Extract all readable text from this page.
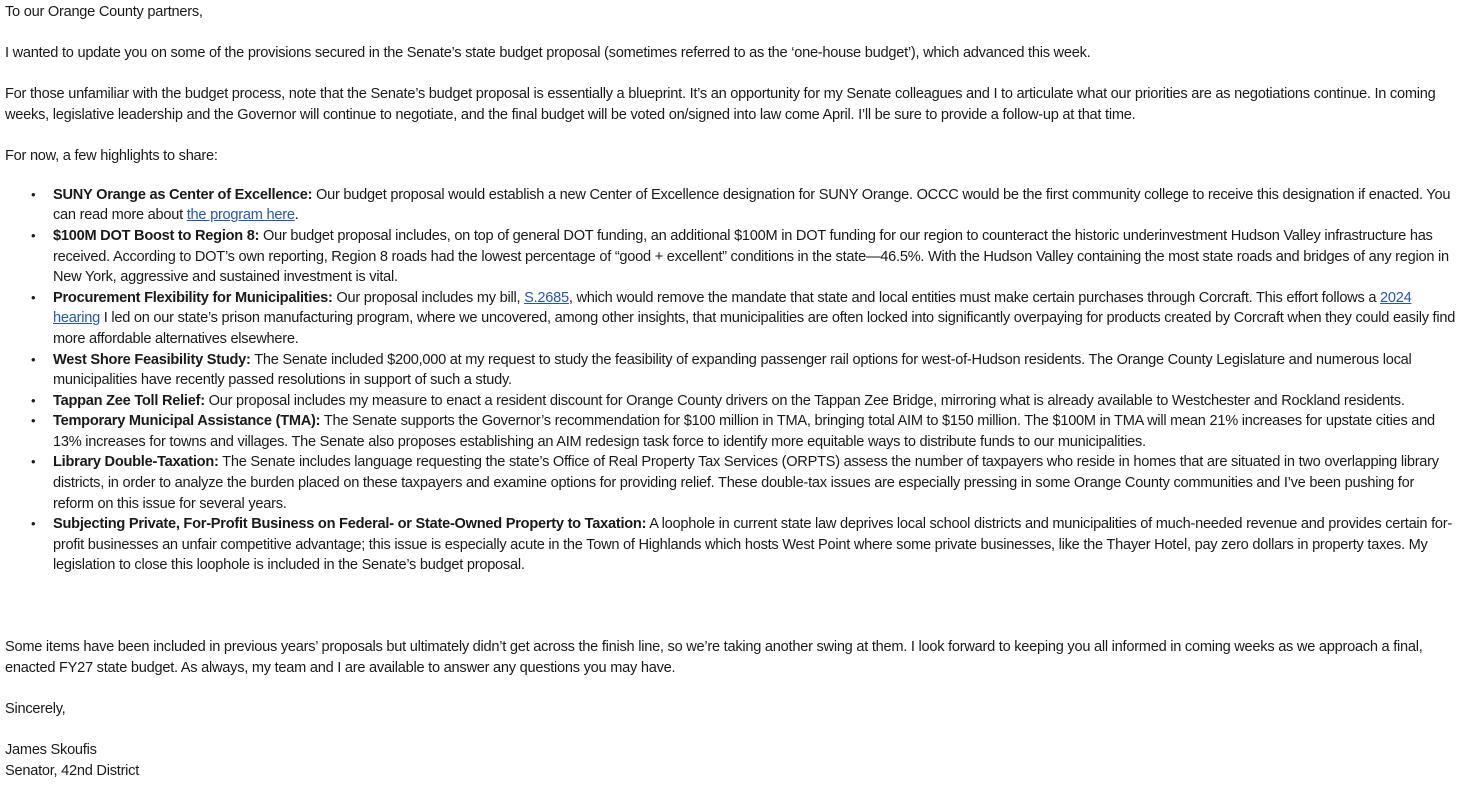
To our Orange County partners,

I wanted to update you on some of the provisions secured in the Senate’s state budget proposal (sometimes referred to as the ‘one-house budget’), which advanced this week.

For those unfamiliar with the budget process, note that the Senate’s budget proposal is essentially a blueprint. It’s an opportunity for my Senate colleagues and I to articulate what our priorities are as negotiations continue. In coming weeks, legislative leadership and the Governor will continue to negotiate, and the final budget will be voted on/signed into law come April. I’ll be sure to provide a follow-up at that time.

For now, a few highlights to share:

• SUNY Orange as Center of Excellence: Our budget proposal would establish a new Center of Excellence designation for SUNY Orange. OCCC would be the first community college to receive this designation if enacted. You can read more about the program here.
• $100M DOT Boost to Region 8: Our budget proposal includes, on top of general DOT funding, an additional $100M in DOT funding for our region to counteract the historic underinvestment Hudson Valley infrastructure has received. According to DOT’s own reporting, Region 8 roads had the lowest percentage of “good + excellent” conditions in the state—46.5%. With the Hudson Valley containing the most state roads and bridges of any region in New York, aggressive and sustained investment is vital.
• Procurement Flexibility for Municipalities: Our proposal includes my bill, S.2685, which would remove the mandate that state and local entities must make certain purchases through Corcraft. This effort follows a 2024 hearing I led on our state’s prison manufacturing program, where we uncovered, among other insights, that municipalities are often locked into significantly overpaying for products created by Corcraft when they could easily find more affordable alternatives elsewhere.
• West Shore Feasibility Study: The Senate included $200,000 at my request to study the feasibility of expanding passenger rail options for west-of-Hudson residents. The Orange County Legislature and numerous local municipalities have recently passed resolutions in support of such a study.
• Tappan Zee Toll Relief: Our proposal includes my measure to enact a resident discount for Orange County drivers on the Tappan Zee Bridge, mirroring what is already available to Westchester and Rockland residents.
• Temporary Municipal Assistance (TMA): The Senate supports the Governor’s recommendation for $100 million in TMA, bringing total AIM to $150 million. The $100M in TMA will mean 21% increases for upstate cities and 13% increases for towns and villages. The Senate also proposes establishing an AIM redesign task force to identify more equitable ways to distribute funds to our municipalities.
• Library Double-Taxation: The Senate includes language requesting the state’s Office of Real Property Tax Services (ORPTS) assess the number of taxpayers who reside in homes that are situated in two overlapping library districts, in order to analyze the burden placed on these taxpayers and examine options for providing relief. These double-tax issues are especially pressing in some Orange County communities and I’ve been pushing for reform on this issue for several years.
• Subjecting Private, For-Profit Business on Federal- or State-Owned Property to Taxation: A loophole in current state law deprives local school districts and municipalities of much-needed revenue and provides certain for-profit businesses an unfair competitive advantage; this issue is especially acute in the Town of Highlands which hosts West Point where some private businesses, like the Thayer Hotel, pay zero dollars in property taxes. My legislation to close this loophole is included in the Senate’s budget proposal.

Some items have been included in previous years’ proposals but ultimately didn’t get across the finish line, so we’re taking another swing at them. I look forward to keeping you all informed in coming weeks as we approach a final, enacted FY27 state budget. As always, my team and I are available to answer any questions you may have.

Sincerely,

James Skoufis
Senator, 42nd District
